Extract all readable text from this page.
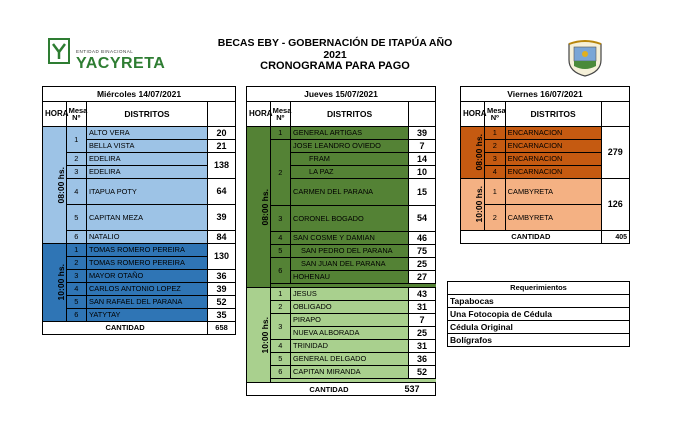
BECAS EBY - GOBERNACIÓN DE ITAPÚA AÑO 2021
CRONOGRAMA PARA PAGO
ENTIDAD BINACIONAL
YACYRETA
Miércoles 14/07/2021			
HORA	Mesa Nº	DISTRITOS	
08:00 hs.	1	ALTO VERA	20
		BELLA VISTA	21
	2	EDELIRA	138
	3	EDELIRA	
	4	ITAPUA POTY	64
	5	CAPITAN MEZA	39
	6	NATALIO	84
10:00 hs.	1	TOMAS ROMERO PEREIRA	130
	2	TOMAS ROMERO PEREIRA	
	3	MAYOR OTAÑO	36
	4	CARLOS ANTONIO LOPEZ	39
	5	SAN RAFAEL DEL PARANA	52
	6	YATYTAY	35
CANTIDAD			658
Jueves 15/07/2021			
HORA	Mesa Nº	DISTRITOS	
08:00 hs.	1	GENERAL ARTIGAS	39
	2	JOSE LEANDRO OVIEDO	7
		FRAM	14
		LA PAZ	10
		CARMEN DEL PARANA	15
	3	CORONEL BOGADO	54
	4	SAN COSME Y DAMIAN	46
	5	SAN PEDRO DEL PARANA	75
	6	SAN JUAN DEL PARANA	25
		HOHENAU	27

10:00 hs.	1	JESUS	43
	2	OBLIGADO	31
	3	PIRAPO	7
		NUEVA ALBORADA	25
	4	TRINIDAD	31
	5	GENERAL DELGADO	36
	6	CAPITAN MIRANDA	52

CANTIDAD 537			
Viernes 16/07/2021			
HORA	Mesa Nº	DISTRITOS	
08:00 hs.	1	ENCARNACION	279
	2	ENCARNACION	
	3	ENCARNACION	
	4	ENCARNACION	
10:00 hs.	1	CAMBYRETA	126
	2	CAMBYRETA	
CANTIDAD			405
Requerimientos
Tapabocas
Una Fotocopia de Cédula
Cédula Original
Bolígrafos
